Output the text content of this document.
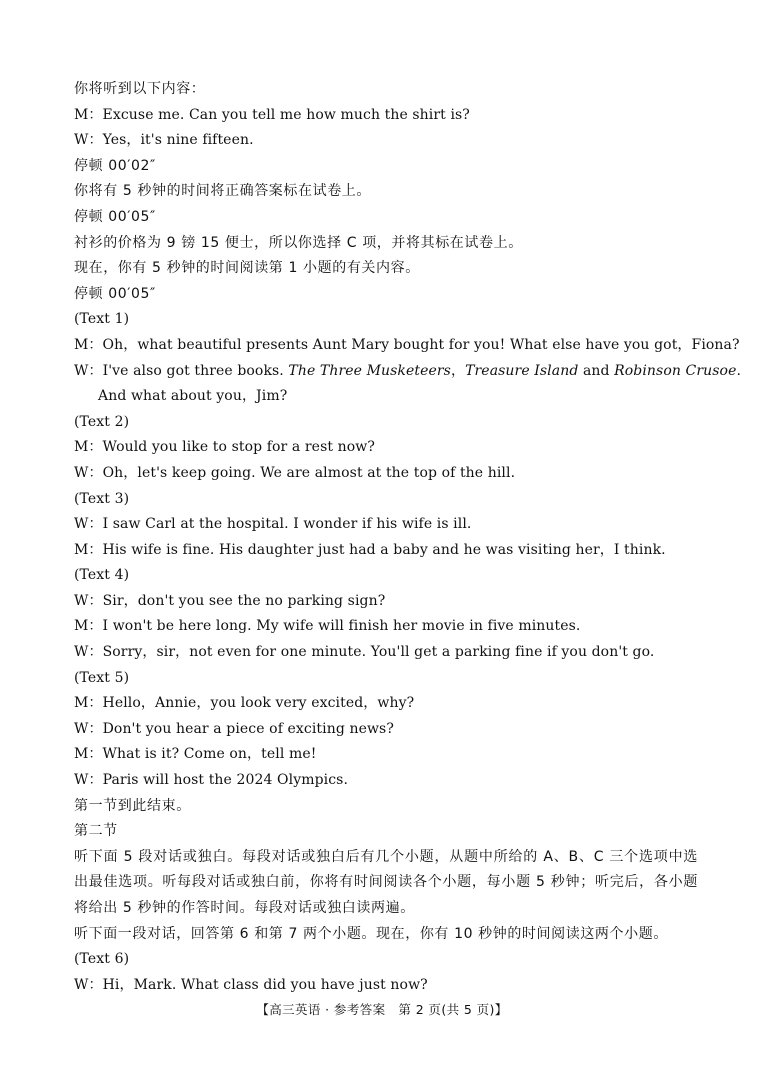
你将听到以下内容：
M：Excuse me. Can you tell me how much the shirt is?
W：Yes，it's nine fifteen.
停顿 00′02″
你将有 5 秒钟的时间将正确答案标在试卷上。
停顿 00′05″
衬衫的价格为 9 镑 15 便士，所以你选择 C 项，并将其标在试卷上。
现在，你有 5 秒钟的时间阅读第 1 小题的有关内容。
停顿 00′05″
(Text 1)
M：Oh，what beautiful presents Aunt Mary bought for you! What else have you got，Fiona?
W：I've also got three books. The Three Musketeers，Treasure Island and Robinson Crusoe.
And what about you，Jim?
(Text 2)
M：Would you like to stop for a rest now?
W：Oh，let's keep going. We are almost at the top of the hill.
(Text 3)
W：I saw Carl at the hospital. I wonder if his wife is ill.
M：His wife is fine. His daughter just had a baby and he was visiting her，I think.
(Text 4)
W：Sir，don't you see the no parking sign?
M：I won't be here long. My wife will finish her movie in five minutes.
W：Sorry，sir，not even for one minute. You'll get a parking fine if you don't go.
(Text 5)
M：Hello，Annie，you look very excited，why?
W：Don't you hear a piece of exciting news?
M：What is it? Come on，tell me!
W：Paris will host the 2024 Olympics.
第一节到此结束。
第二节
听下面 5 段对话或独白。每段对话或独白后有几个小题，从题中所给的 A、B、C 三个选项中选出最佳选项。听每段对话或独白前，你将有时间阅读各个小题，每小题 5 秒钟；听完后，各小题将给出 5 秒钟的作答时间。每段对话或独白读两遍。
听下面一段对话，回答第 6 和第 7 两个小题。现在，你有 10 秒钟的时间阅读这两个小题。
(Text 6)
W：Hi，Mark. What class did you have just now?
【高三英语 · 参考答案　第 2 页(共 5 页)】
